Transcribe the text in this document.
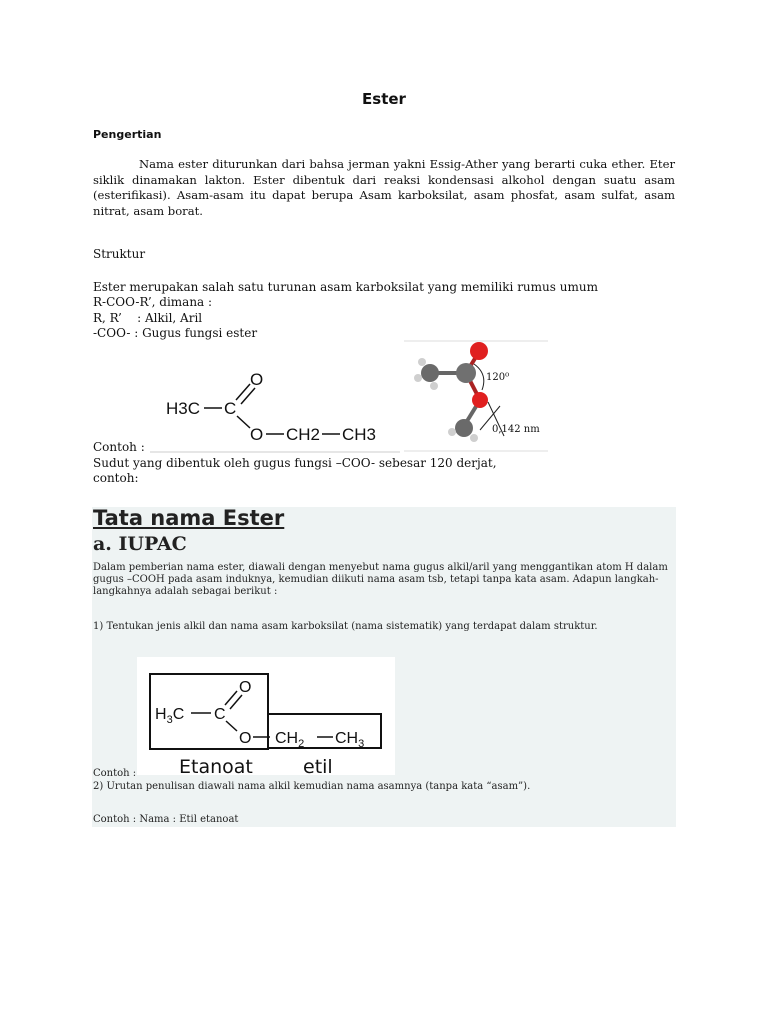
Ester
Pengertian
Nama ester diturunkan dari bahsa jerman yakni Essig-Ather yang berarti cuka ether. Eter siklik dinamakan lakton. Ester dibentuk dari reaksi kondensasi alkohol dengan suatu asam (esterifikasi). Asam-asam itu dapat berupa Asam karboksilat, asam phosfat, asam sulfat, asam nitrat, asam borat.
Struktur
Ester merupakan salah satu turunan asam karboksilat yang memiliki rumus umum
R-COO-R’, dimana :
R, R’    : Alkil, Aril
-COO- : Gugus fungsi ester
H3C C
O
O CH2 CH3
Contoh :
120⁰
0,142 nm
Sudut yang dibentuk oleh gugus fungsi –COO- sebesar 120 derjat,
contoh:
Tata nama Ester
a. IUPAC
Dalam pemberian nama ester, diawali dengan menyebut nama gugus alkil/aril yang menggantikan atom H dalam gugus –COOH pada asam induknya, kemudian diikuti nama asam tsb, tetapi tanpa kata asam. Adapun langkah-langkahnya adalah sebagai berikut :
1) Tentukan jenis alkil dan nama asam karboksilat (nama sistematik) yang terdapat dalam struktur.
$H_3C$ C
O
O $CH_2$ $CH_3$
Etanoat	etil
Contoh :
2) Urutan penulisan diawali nama alkil kemudian nama asamnya (tanpa kata “asam”).
Contoh : Nama : Etil etanoat
